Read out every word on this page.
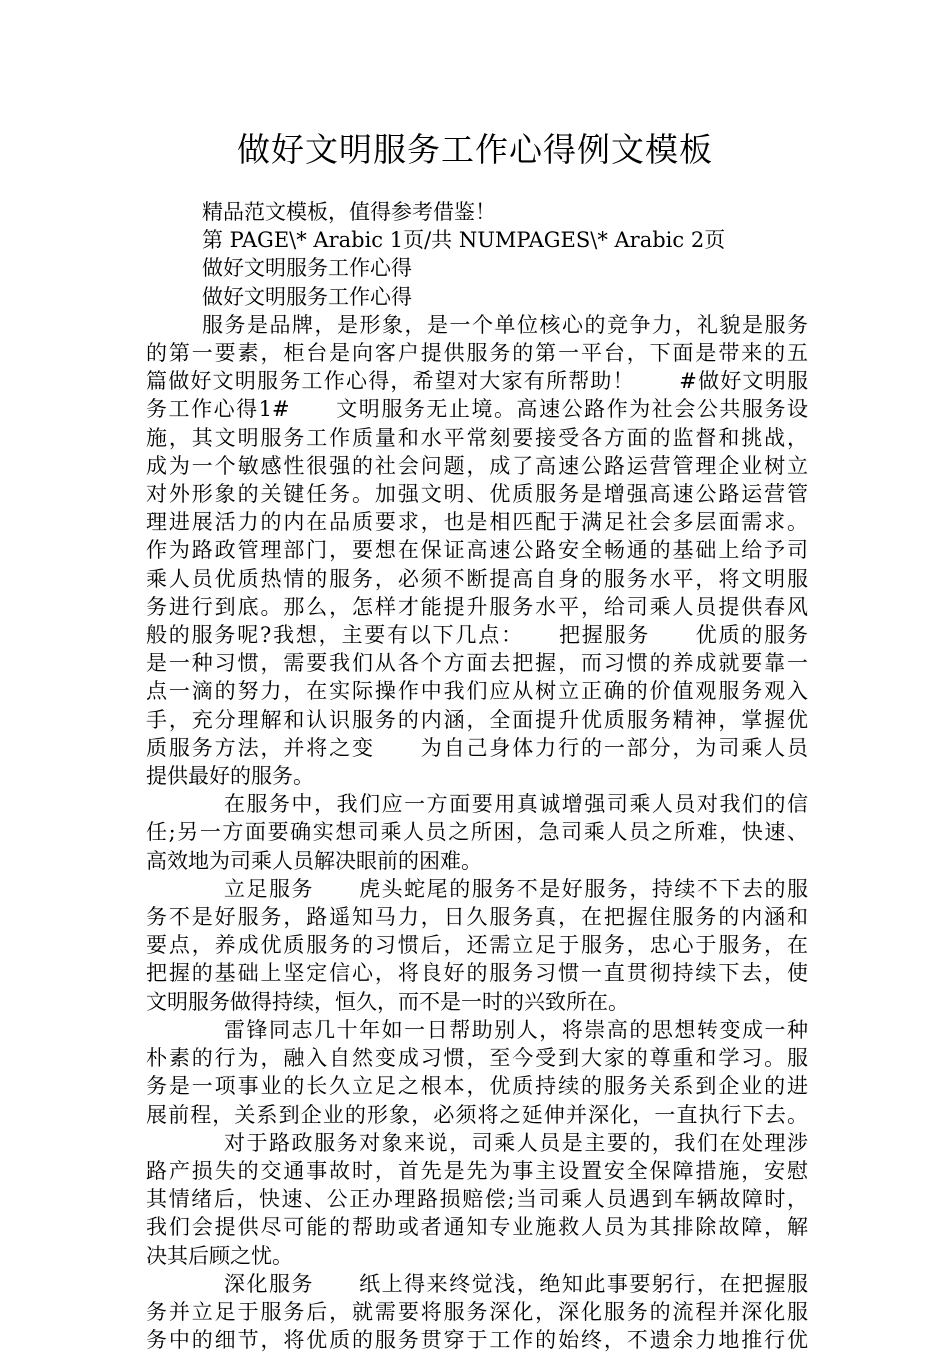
做好文明服务工作心得例文模板
精品范文模板，值得参考借鉴！
第 PAGE\* Arabic 1页/共 NUMPAGES\* Arabic 2页
做好文明服务工作心得
做好文明服务工作心得
服务是品牌，是形象，是一个单位核心的竞争力，礼貌是服务
的第一要素，柜台是向客户提供服务的第一平台，下面是带来的五
篇做好文明服务工作心得，希望对大家有所帮助！　　#做好文明服
务工作心得1#　　文明服务无止境。高速公路作为社会公共服务设
施，其文明服务工作质量和水平常刻要接受各方面的监督和挑战，
成为一个敏感性很强的社会问题，成了高速公路运营管理企业树立
对外形象的关键任务。加强文明、优质服务是增强高速公路运营管
理进展活力的内在品质要求，也是相匹配于满足社会多层面需求。
作为路政管理部门，要想在保证高速公路安全畅通的基础上给予司
乘人员优质热情的服务，必须不断提高自身的服务水平，将文明服
务进行到底。那么，怎样才能提升服务水平，给司乘人员提供春风
般的服务呢?我想，主要有以下几点：　　把握服务　　优质的服务
是一种习惯，需要我们从各个方面去把握，而习惯的养成就要靠一
点一滴的努力，在实际操作中我们应从树立正确的价值观服务观入
手，充分理解和认识服务的内涵，全面提升优质服务精神，掌握优
质服务方法，并将之变　　为自己身体力行的一部分，为司乘人员
提供最好的服务。
在服务中，我们应一方面要用真诚增强司乘人员对我们的信
任;另一方面要确实想司乘人员之所困，急司乘人员之所难，快速、
高效地为司乘人员解决眼前的困难。
立足服务　　虎头蛇尾的服务不是好服务，持续不下去的服
务不是好服务，路遥知马力，日久服务真，在把握住服务的内涵和
要点，养成优质服务的习惯后，还需立足于服务，忠心于服务，在
把握的基础上坚定信心，将良好的服务习惯一直贯彻持续下去，使
文明服务做得持续，恒久，而不是一时的兴致所在。
雷锋同志几十年如一日帮助别人，将崇高的思想转变成一种
朴素的行为，融入自然变成习惯，至今受到大家的尊重和学习。服
务是一项事业的长久立足之根本，优质持续的服务关系到企业的进
展前程，关系到企业的形象，必须将之延伸并深化，一直执行下去。
对于路政服务对象来说，司乘人员是主要的，我们在处理涉
路产损失的交通事故时，首先是先为事主设置安全保障措施，安慰
其情绪后，快速、公正办理路损赔偿;当司乘人员遇到车辆故障时，
我们会提供尽可能的帮助或者通知专业施救人员为其排除故障，解
决其后顾之忧。
深化服务　　纸上得来终觉浅，绝知此事要躬行，在把握服
务并立足于服务后，就需要将服务深化，深化服务的流程并深化服
务中的细节，将优质的服务贯穿于工作的始终，不遗余力地推行优
